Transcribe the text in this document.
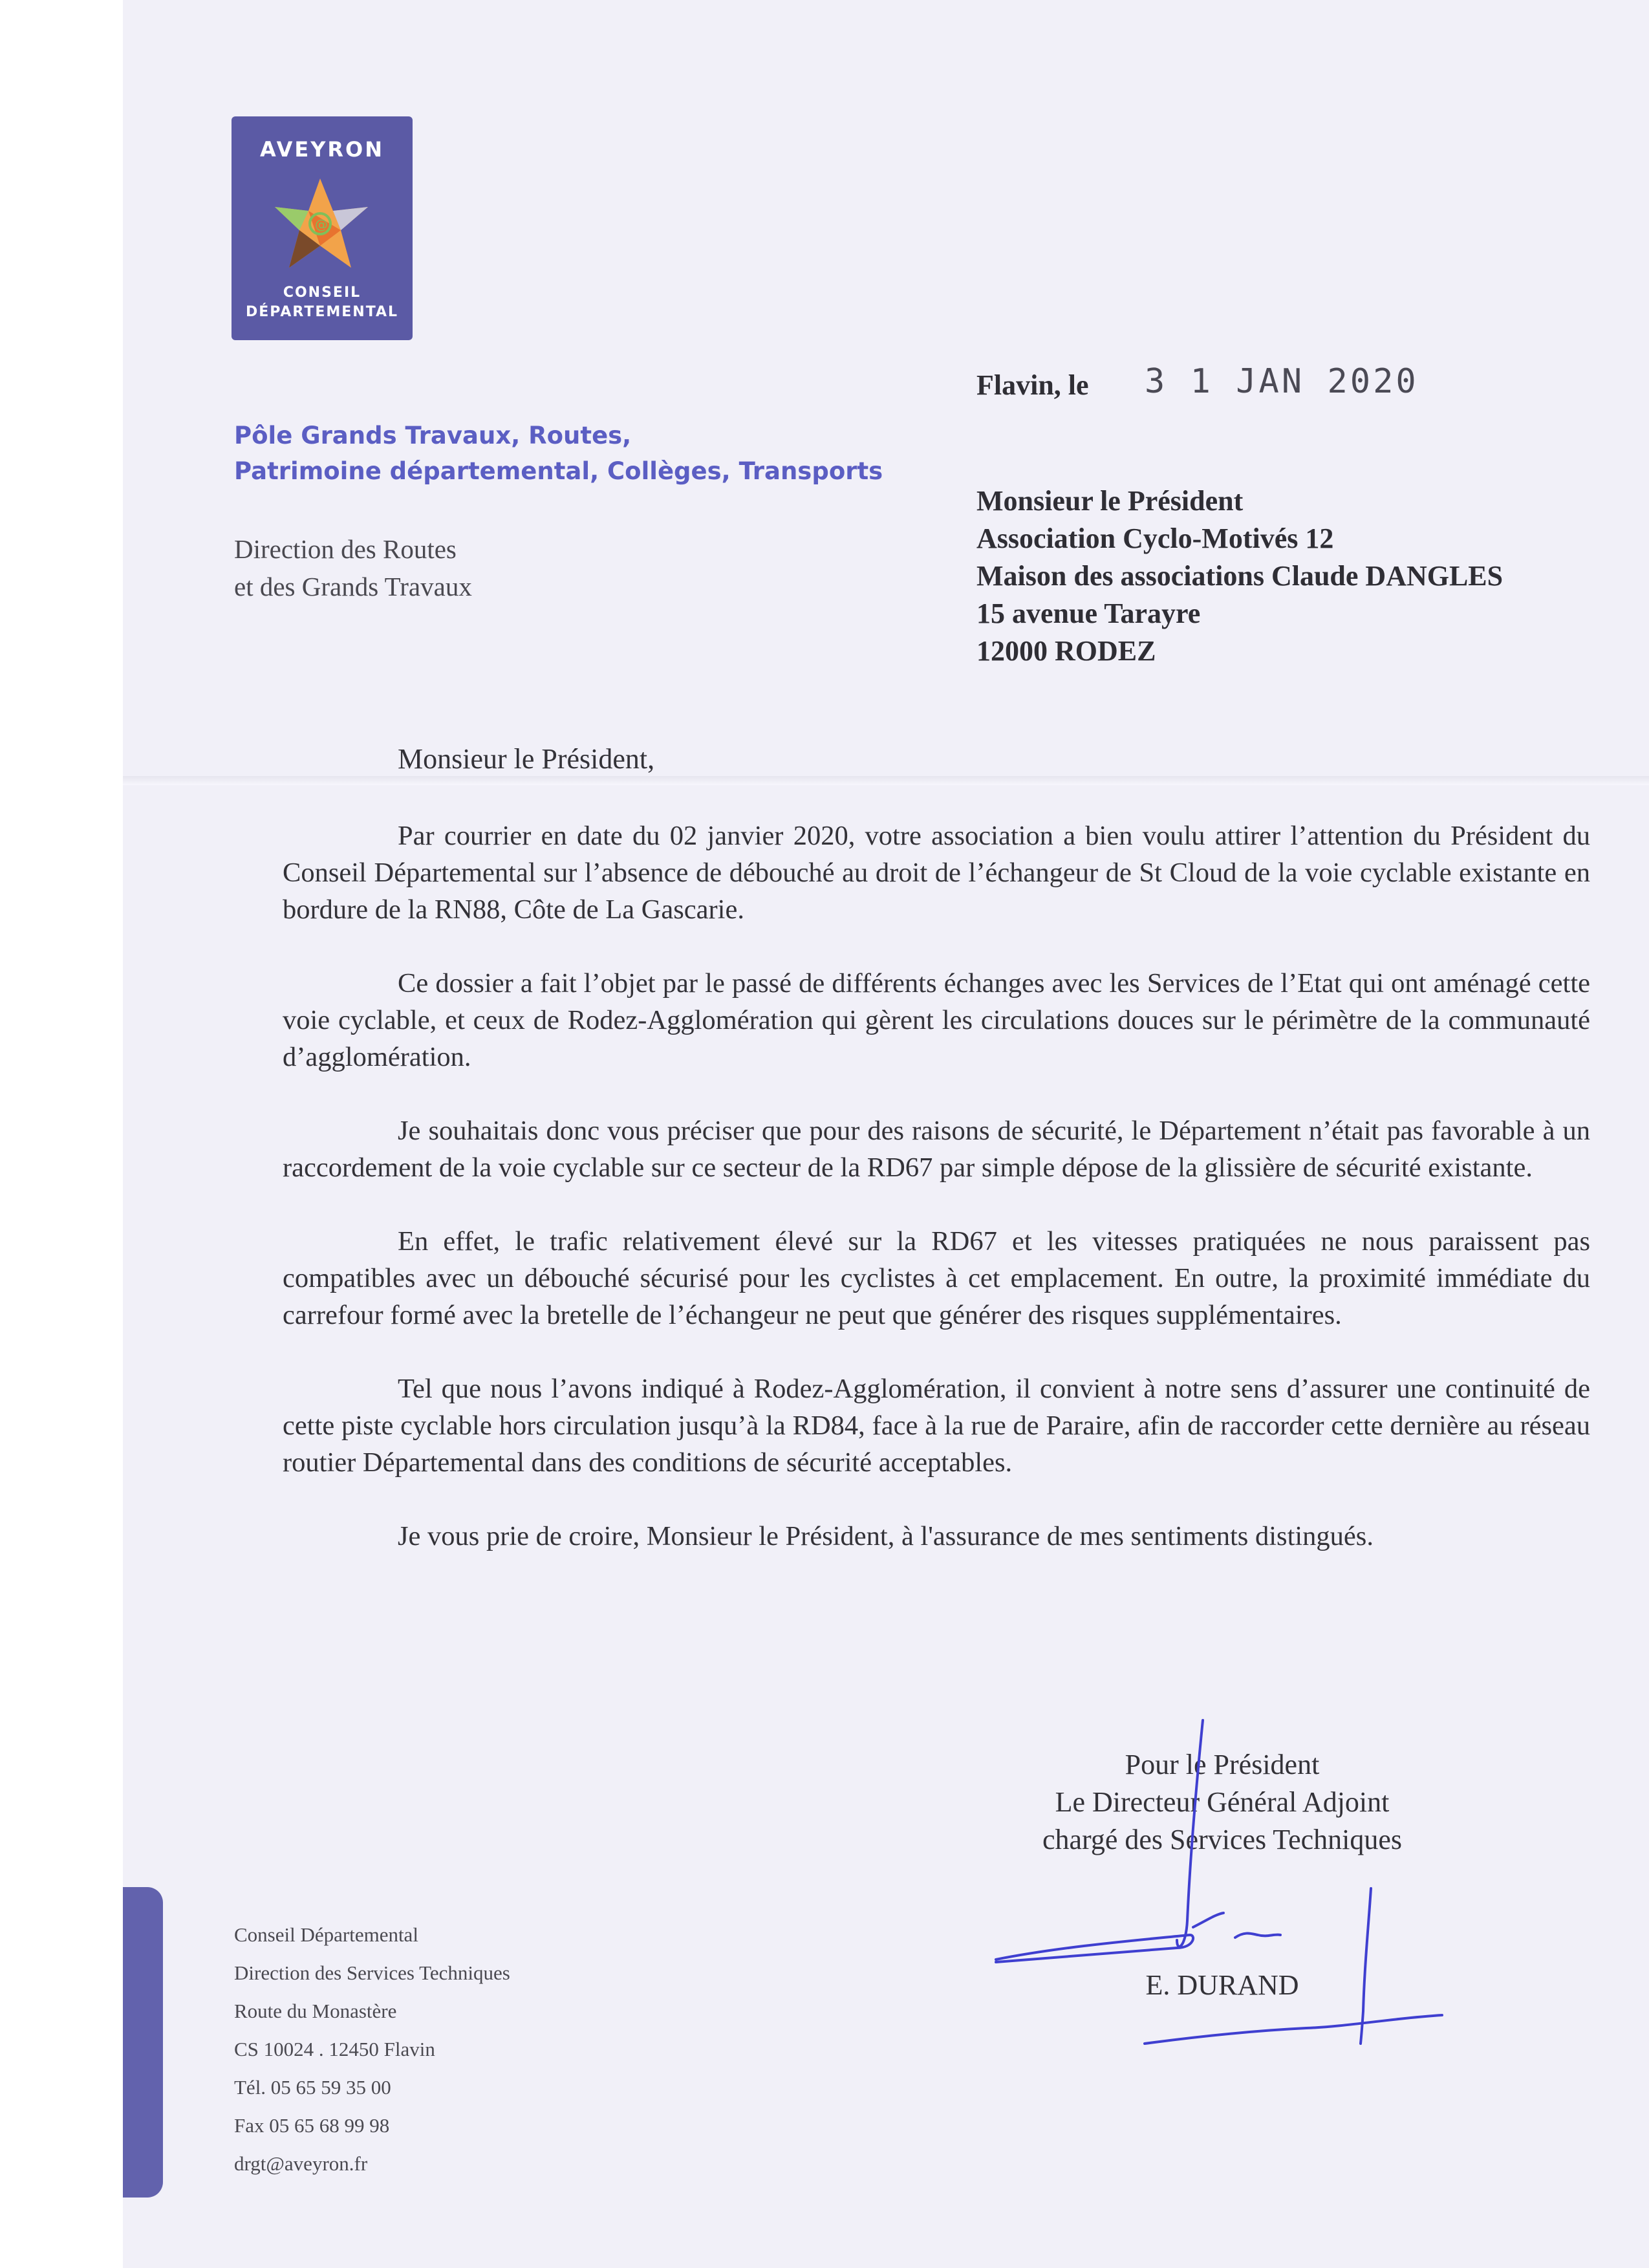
AVEYRON
@
CONSEIL
DÉPARTEMENTAL
Pôle Grands Travaux, Routes,
Patrimoine départemental, Collèges, Transports
Direction des Routes
et des Grands Travaux
Flavin, le 3 1 JAN 2020
Monsieur le Président
Association Cyclo-Motivés 12
Maison des associations Claude DANGLES
15 avenue Tarayre
12000 RODEZ
Monsieur le Président,

Par courrier en date du 02 janvier 2020, votre association a bien voulu attirer l’attention du Président du Conseil Départemental sur l’absence de débouché au droit de l’échangeur de St Cloud de la voie cyclable existante en bordure de la RN88, Côte de La Gascarie.

Ce dossier a fait l’objet par le passé de différents échanges avec les Services de l’Etat qui ont aménagé cette voie cyclable, et ceux de Rodez-Agglomération qui gèrent les circulations douces sur le périmètre de la communauté d’agglomération.

Je souhaitais donc vous préciser que pour des raisons de sécurité, le Département n’était pas favorable à un raccordement de la voie cyclable sur ce secteur de la RD67 par simple dépose de la glissière de sécurité existante.

En effet, le trafic relativement élevé sur la RD67 et les vitesses pratiquées ne nous paraissent pas compatibles avec un débouché sécurisé pour les cyclistes à cet emplacement. En outre, la proximité immédiate du carrefour formé avec la bretelle de l’échangeur ne peut que générer des risques supplémentaires.

Tel que nous l’avons indiqué à Rodez-Agglomération, il convient à notre sens d’assurer une continuité de cette piste cyclable hors circulation jusqu’à la RD84, face à la rue de Paraire, afin de raccorder cette dernière au réseau routier Départemental dans des conditions de sécurité acceptables.

Je vous prie de croire, Monsieur le Président, à l'assurance de mes sentiments distingués.

Pour le Président
Le Directeur Général Adjoint
chargé des Services Techniques
E. DURAND
Conseil Départemental
Direction des Services Techniques
Route du Monastère
CS 10024 . 12450 Flavin
Tél. 05 65 59 35 00
Fax 05 65 68 99 98
drgt@aveyron.fr
